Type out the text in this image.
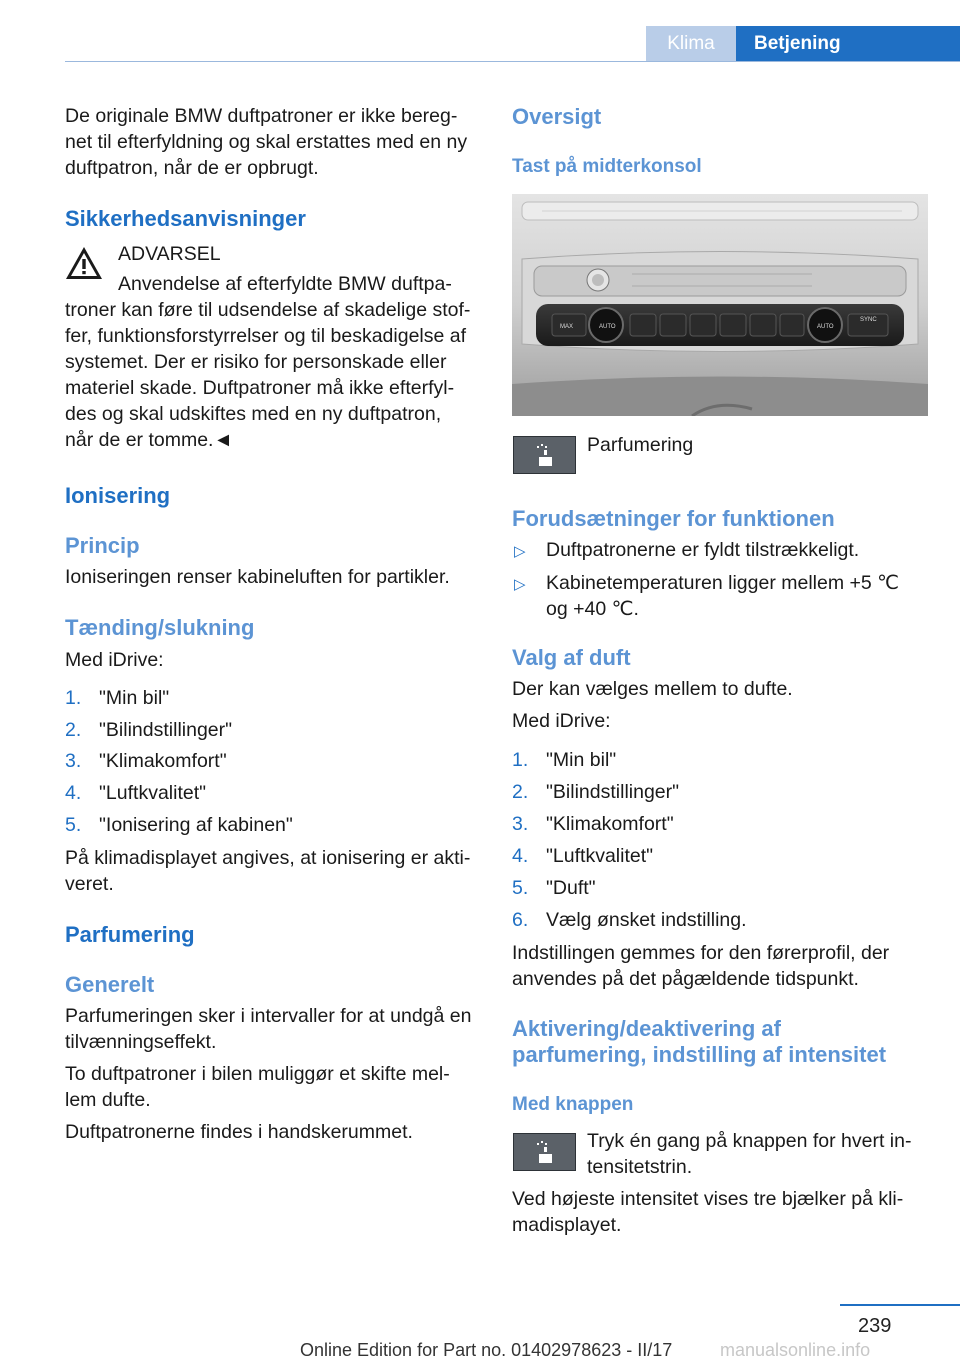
Klima	Betjening
De originale BMW duftpatroner er ikke bereg-
net til efterfyldning og skal erstattes med en ny
duftpatron, når de er opbrugt.
Sikkerhedsanvisninger
ADVARSEL
Anvendelse af efterfyldte BMW duftpa-
troner kan føre til udsendelse af skadelige stof-
fer, funktionsforstyrrelser og til beskadigelse af
systemet. Der er risiko for personskade eller
materiel skade. Duftpatroner må ikke efterfyl-
des og skal udskiftes med en ny duftpatron,
når de er tomme.◄
Ionisering
Princip
Ioniseringen renser kabineluften for partikler.
Tænding/slukning
Med iDrive:
1. "Min bil"
2. "Bilindstillinger"
3. "Klimakomfort"
4. "Luftkvalitet"
5. "Ionisering af kabinen"
På klimadisplayet angives, at ionisering er akti-
veret.
Parfumering
Generelt
Parfumeringen sker i intervaller for at undgå en
tilvænningseffekt.
To duftpatroner i bilen muliggør et skifte mel-
lem dufte.
Duftpatronerne findes i handskerummet.
Oversigt
Tast på midterkonsol
MAX	AUTO
SYNC
AUTO
Parfumering
Forudsætninger for funktionen
▷ Duftpatronerne er fyldt tilstrækkeligt.
▷ Kabinetemperaturen ligger mellem +5 ℃
og +40 ℃.
Valg af duft
Der kan vælges mellem to dufte.
Med iDrive:
1. "Min bil"
2. "Bilindstillinger"
3. "Klimakomfort"
4. "Luftkvalitet"
5. "Duft"
6. Vælg ønsket indstilling.
Indstillingen gemmes for den førerprofil, der
anvendes på det pågældende tidspunkt.
Aktivering/deaktivering af
parfumering, indstilling af intensitet
Med knappen
Tryk én gang på knappen for hvert in-
tensitetstrin.
Ved højeste intensitet vises tre bjælker på kli-
madisplayet.
239
Online Edition for Part no. 01402978623 - II/17	manualsonline.info
